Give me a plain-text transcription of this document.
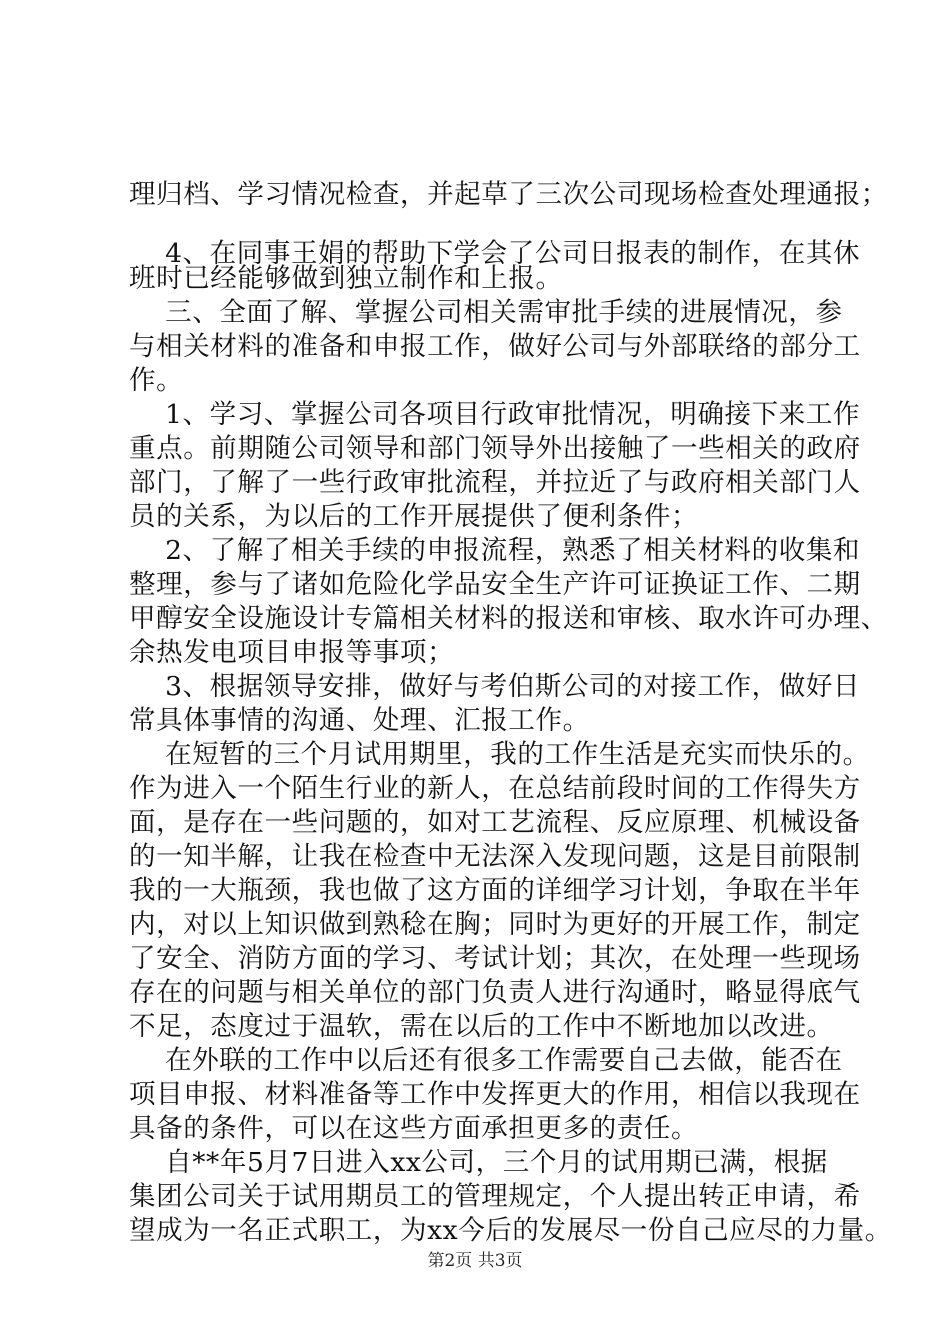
理归档、学习情况检查，并起草了三次公司现场检查处理通报；
4、在同事王娟的帮助下学会了公司日报表的制作，在其休
班时已经能够做到独立制作和上报。
三、全面了解、掌握公司相关需审批手续的进展情况，参
与相关材料的准备和申报工作，做好公司与外部联络的部分工
作。
1、学习、掌握公司各项目行政审批情况，明确接下来工作
重点。前期随公司领导和部门领导外出接触了一些相关的政府
部门，了解了一些行政审批流程，并拉近了与政府相关部门人
员的关系，为以后的工作开展提供了便利条件；
2、了解了相关手续的申报流程，熟悉了相关材料的收集和
整理，参与了诸如危险化学品安全生产许可证换证工作、二期
甲醇安全设施设计专篇相关材料的报送和审核、取水许可办理、
余热发电项目申报等事项；
3、根据领导安排，做好与考伯斯公司的对接工作，做好日
常具体事情的沟通、处理、汇报工作。
在短暂的三个月试用期里，我的工作生活是充实而快乐的。
作为进入一个陌生行业的新人，在总结前段时间的工作得失方
面，是存在一些问题的，如对工艺流程、反应原理、机械设备
的一知半解，让我在检查中无法深入发现问题，这是目前限制
我的一大瓶颈，我也做了这方面的详细学习计划，争取在半年
内，对以上知识做到熟稔在胸；同时为更好的开展工作，制定
了安全、消防方面的学习、考试计划；其次，在处理一些现场
存在的问题与相关单位的部门负责人进行沟通时，略显得底气
不足，态度过于温软，需在以后的工作中不断地加以改进。
在外联的工作中以后还有很多工作需要自己去做，能否在
项目申报、材料准备等工作中发挥更大的作用，相信以我现在
具备的条件，可以在这些方面承担更多的责任。
自**年5月7日进入xx公司，三个月的试用期已满，根据
集团公司关于试用期员工的管理规定，个人提出转正申请，希
望成为一名正式职工，为xx今后的发展尽一份自己应尽的力量。
第2页 共3页
